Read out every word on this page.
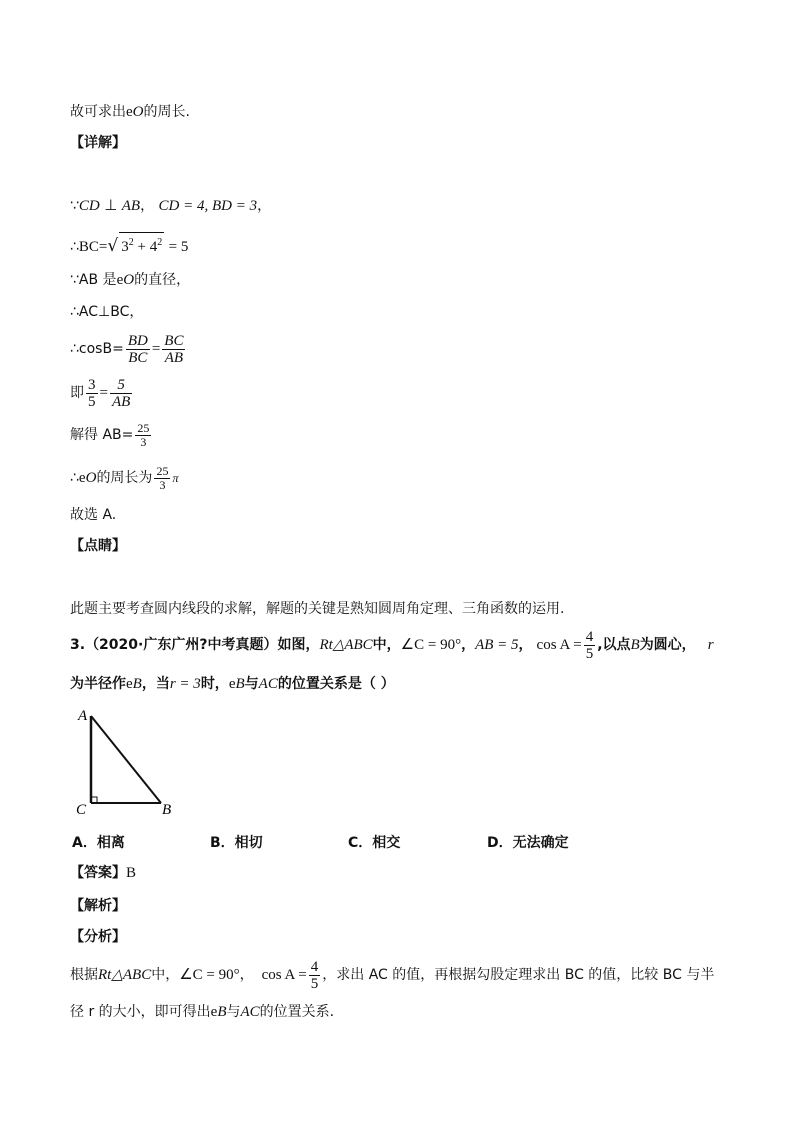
故可求出eO的周长.
【详解】
∵CD ⊥ AB， CD = 4, BD = 3，
∴BC=√ $3^2 + 4^2 = 5$
∵AB 是eO的直径，
∴AC⊥BC，
∴cosB= $\frac{BD}{BC} = \frac{BC}{AB}$
即 $\frac{3}{5} = \frac{5}{AB}$
解得 $AB= \frac{25}{3}$
∴ e O 的周长为 $\frac{25}{3}$ π
故选 A.
【点睛】
此题主要考查圆内线段的求解，解题的关键是熟知圆周角定理、三角函数的运用.
3. （2020·广东广州?中考真题） 如图， Rt△ABC 中， ∠C = 90° ， AB = 5 ， $\cos A = \frac{4}{5}$ ,以点 B 为圆心， r
为半径作eB，当r = 3时，eB与AC的位置关系是（ ）
A
C	B
A．相离	B．相切	C．相交	D．无法确定
【答案】B
【解析】
【分析】
根据 Rt△ABC 中， ∠C = 90° ， $\cos A = \frac{4}{5}$ ，求出 AC 的值，再根据勾股定理求出 BC 的值，比较 BC 与半
径 r 的大小，即可得出eB与AC的位置关系.
